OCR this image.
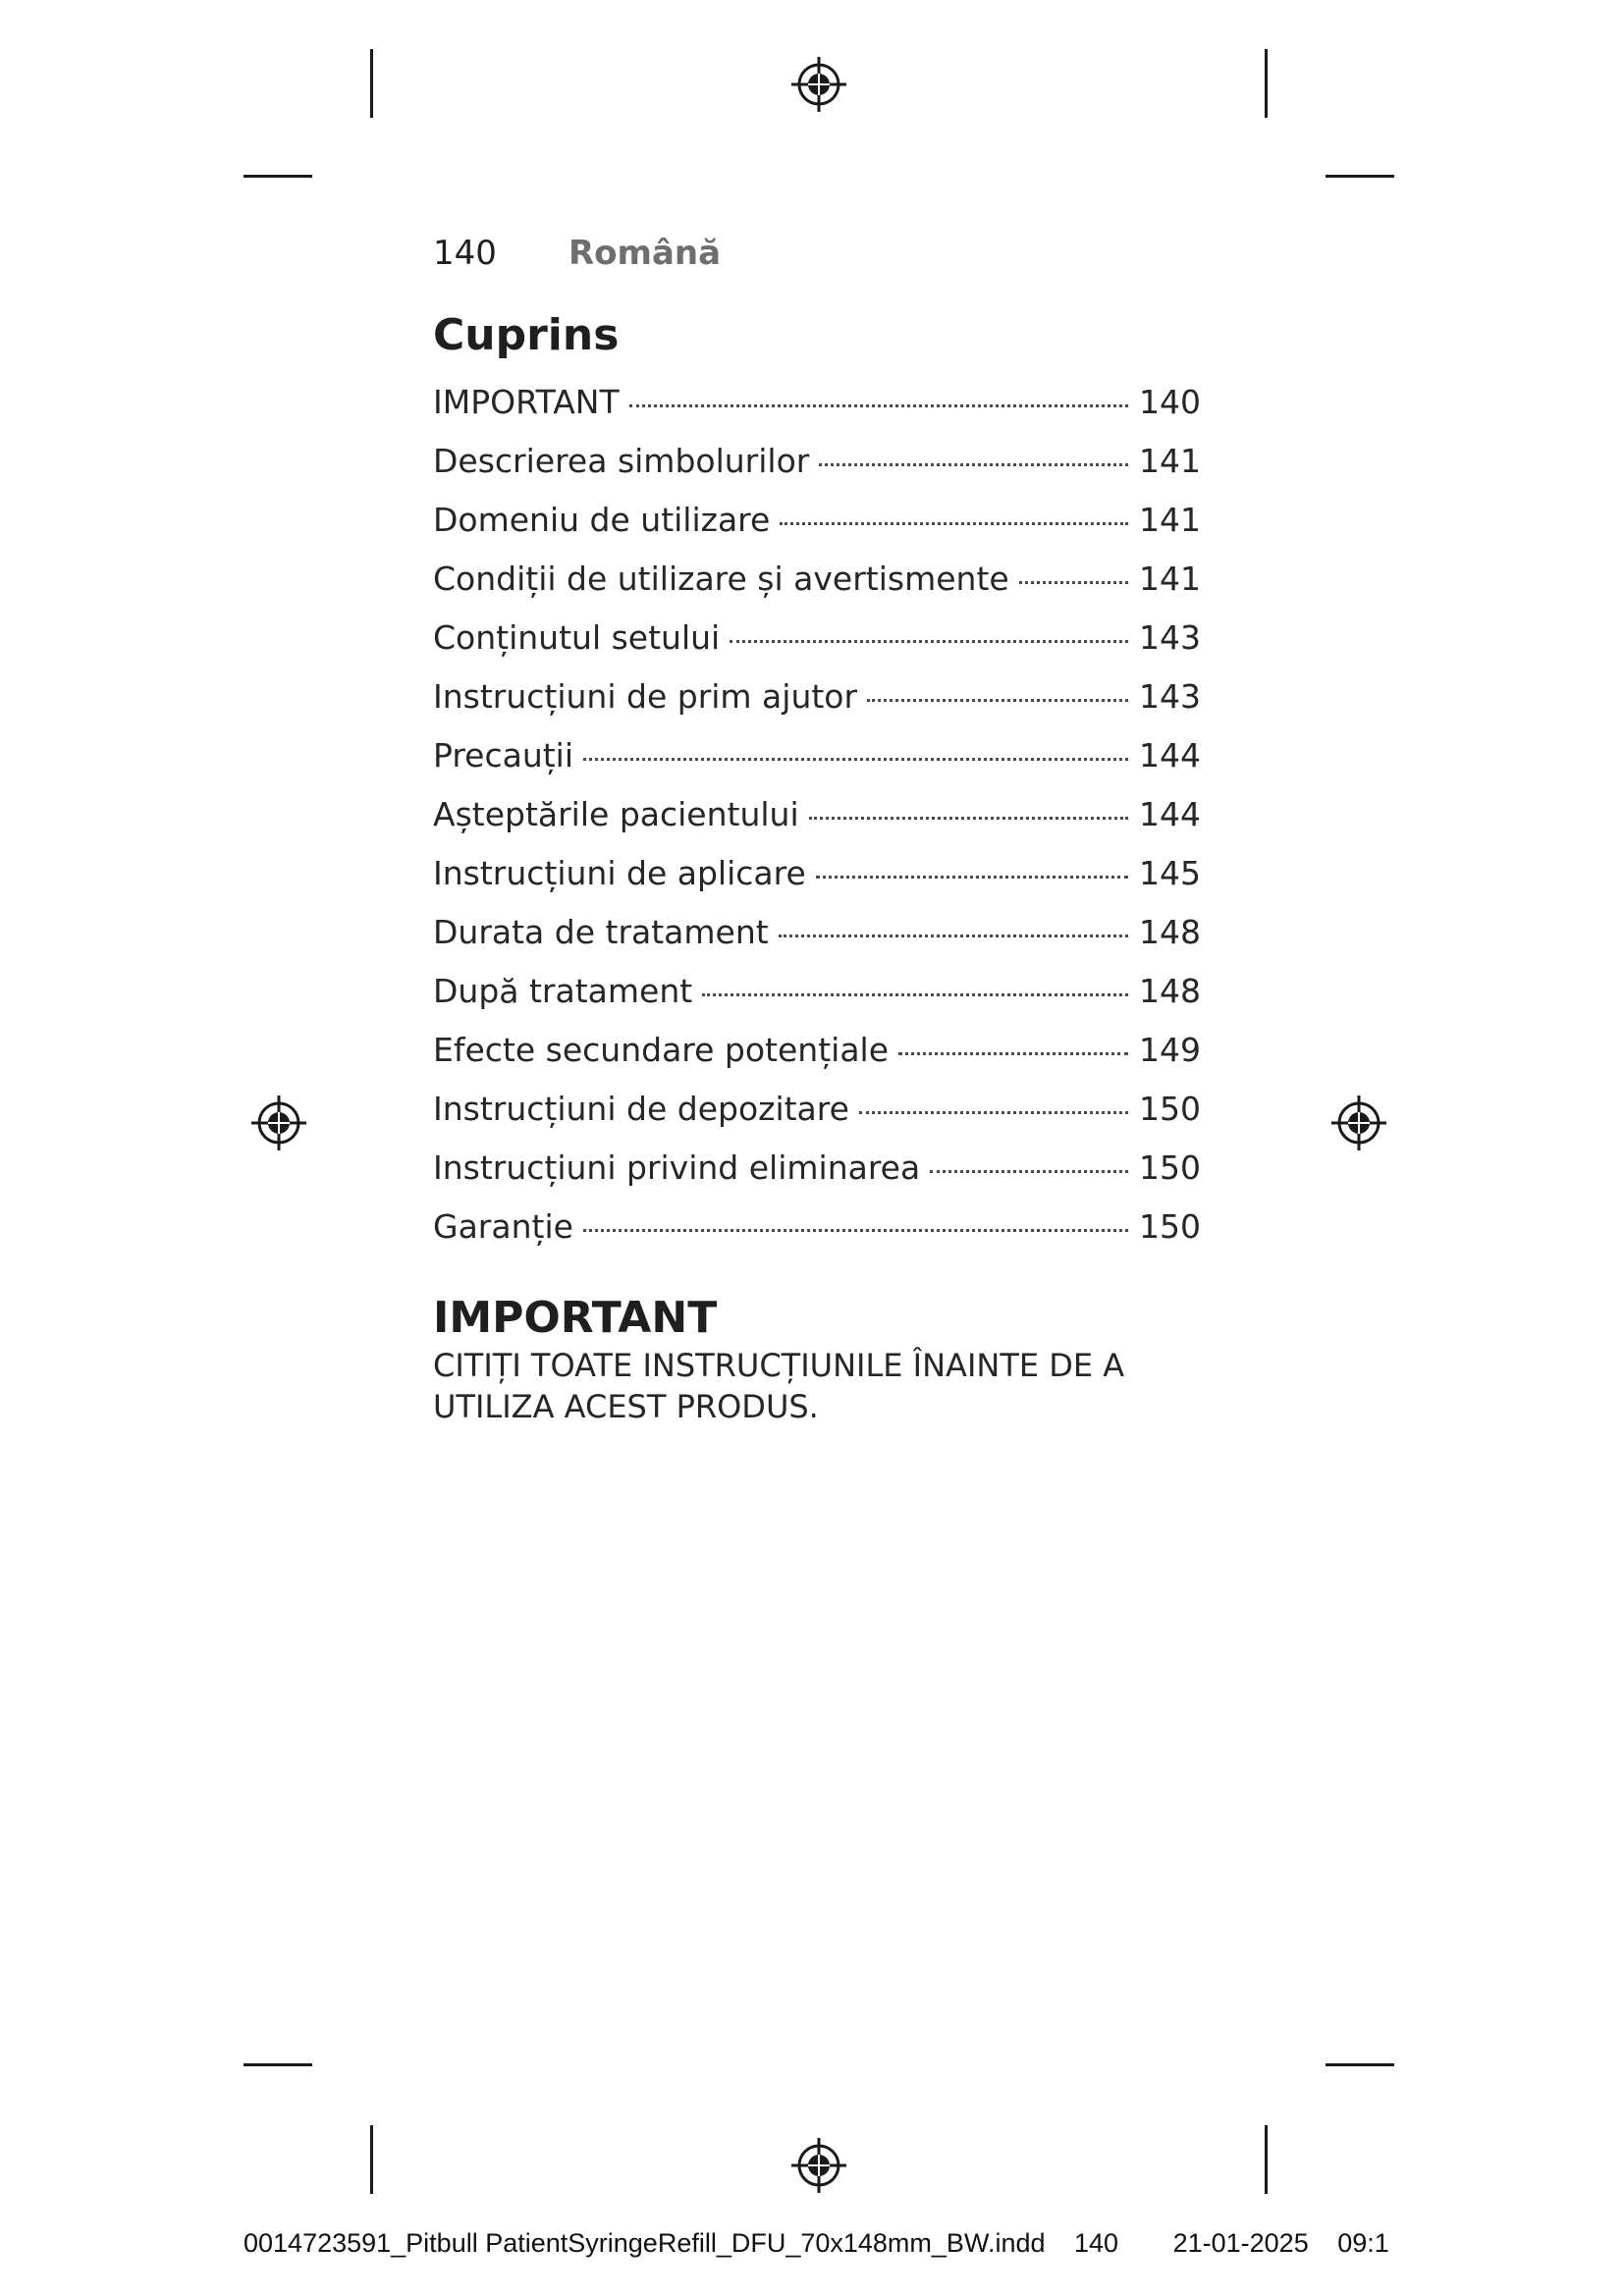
140	Română
Cuprins
IMPORTANT	140
Descrierea simbolurilor	141
Domeniu de utilizare	141
Condiții de utilizare și avertismente	141
Conținutul setului	143
Instrucțiuni de prim ajutor	143
Precauții	144
Așteptările pacientului	144
Instrucțiuni de aplicare	145
Durata de tratament	148
După tratament	148
Efecte secundare potențiale	149
Instrucțiuni de depozitare	150
Instrucțiuni privind eliminarea	150
Garanție	150
IMPORTANT

CITIȚI TOATE INSTRUCȚIUNILE ÎNAINTE DE A UTILIZA ACEST PRODUS.

0014723591_Pitbull PatientSyringeRefill_DFU_70x148mm_BW.indd 140 21-01-2025 09:1
